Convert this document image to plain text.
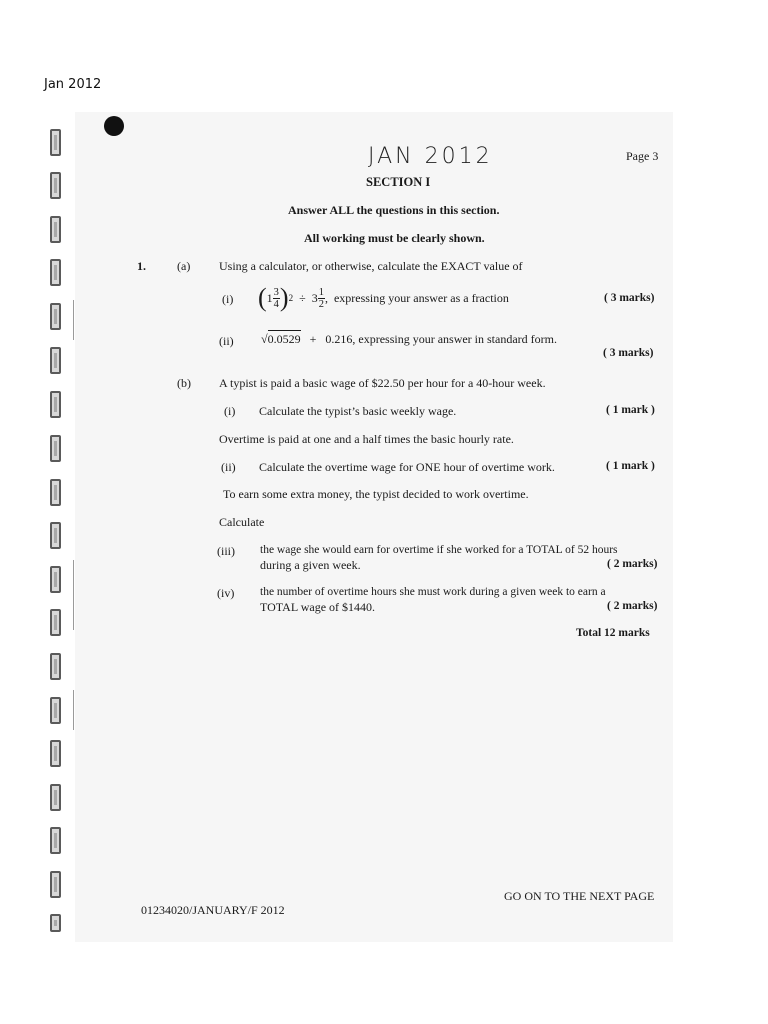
Jan 2012
JAN 2012	Page 3
SECTION I
Answer ALL the questions in this section.
All working must be clearly shown.
1.	(a) Using a calculator, or otherwise, calculate the EXACT value of
(i) ( $1 \frac{3}{4}$ ) $2 \div 3 \frac{1}{2}$ ,  expressing your answer as a fraction	( 3 marks)
(ii) √0.0529 + 0.216, expressing your answer in standard form.
( 3 marks)
(b) A typist is paid a basic wage of $22.50 per hour for a 40-hour week.
(i) Calculate the typist’s basic weekly wage.	( 1 mark )
Overtime is paid at one and a half times the basic hourly rate.
(ii) Calculate the overtime wage for ONE hour of overtime work.	( 1 mark )
To earn some extra money, the typist decided to work overtime.
Calculate
(iii) the wage she would earn for overtime if she worked for a TOTAL of 52 hours
during a given week.	( 2 marks)
(iv) the number of overtime hours she must work during a given week to earn a
TOTAL wage of $1440.	( 2 marks)
Total 12 marks
GO ON TO THE NEXT PAGE
01234020/JANUARY/F 2012
